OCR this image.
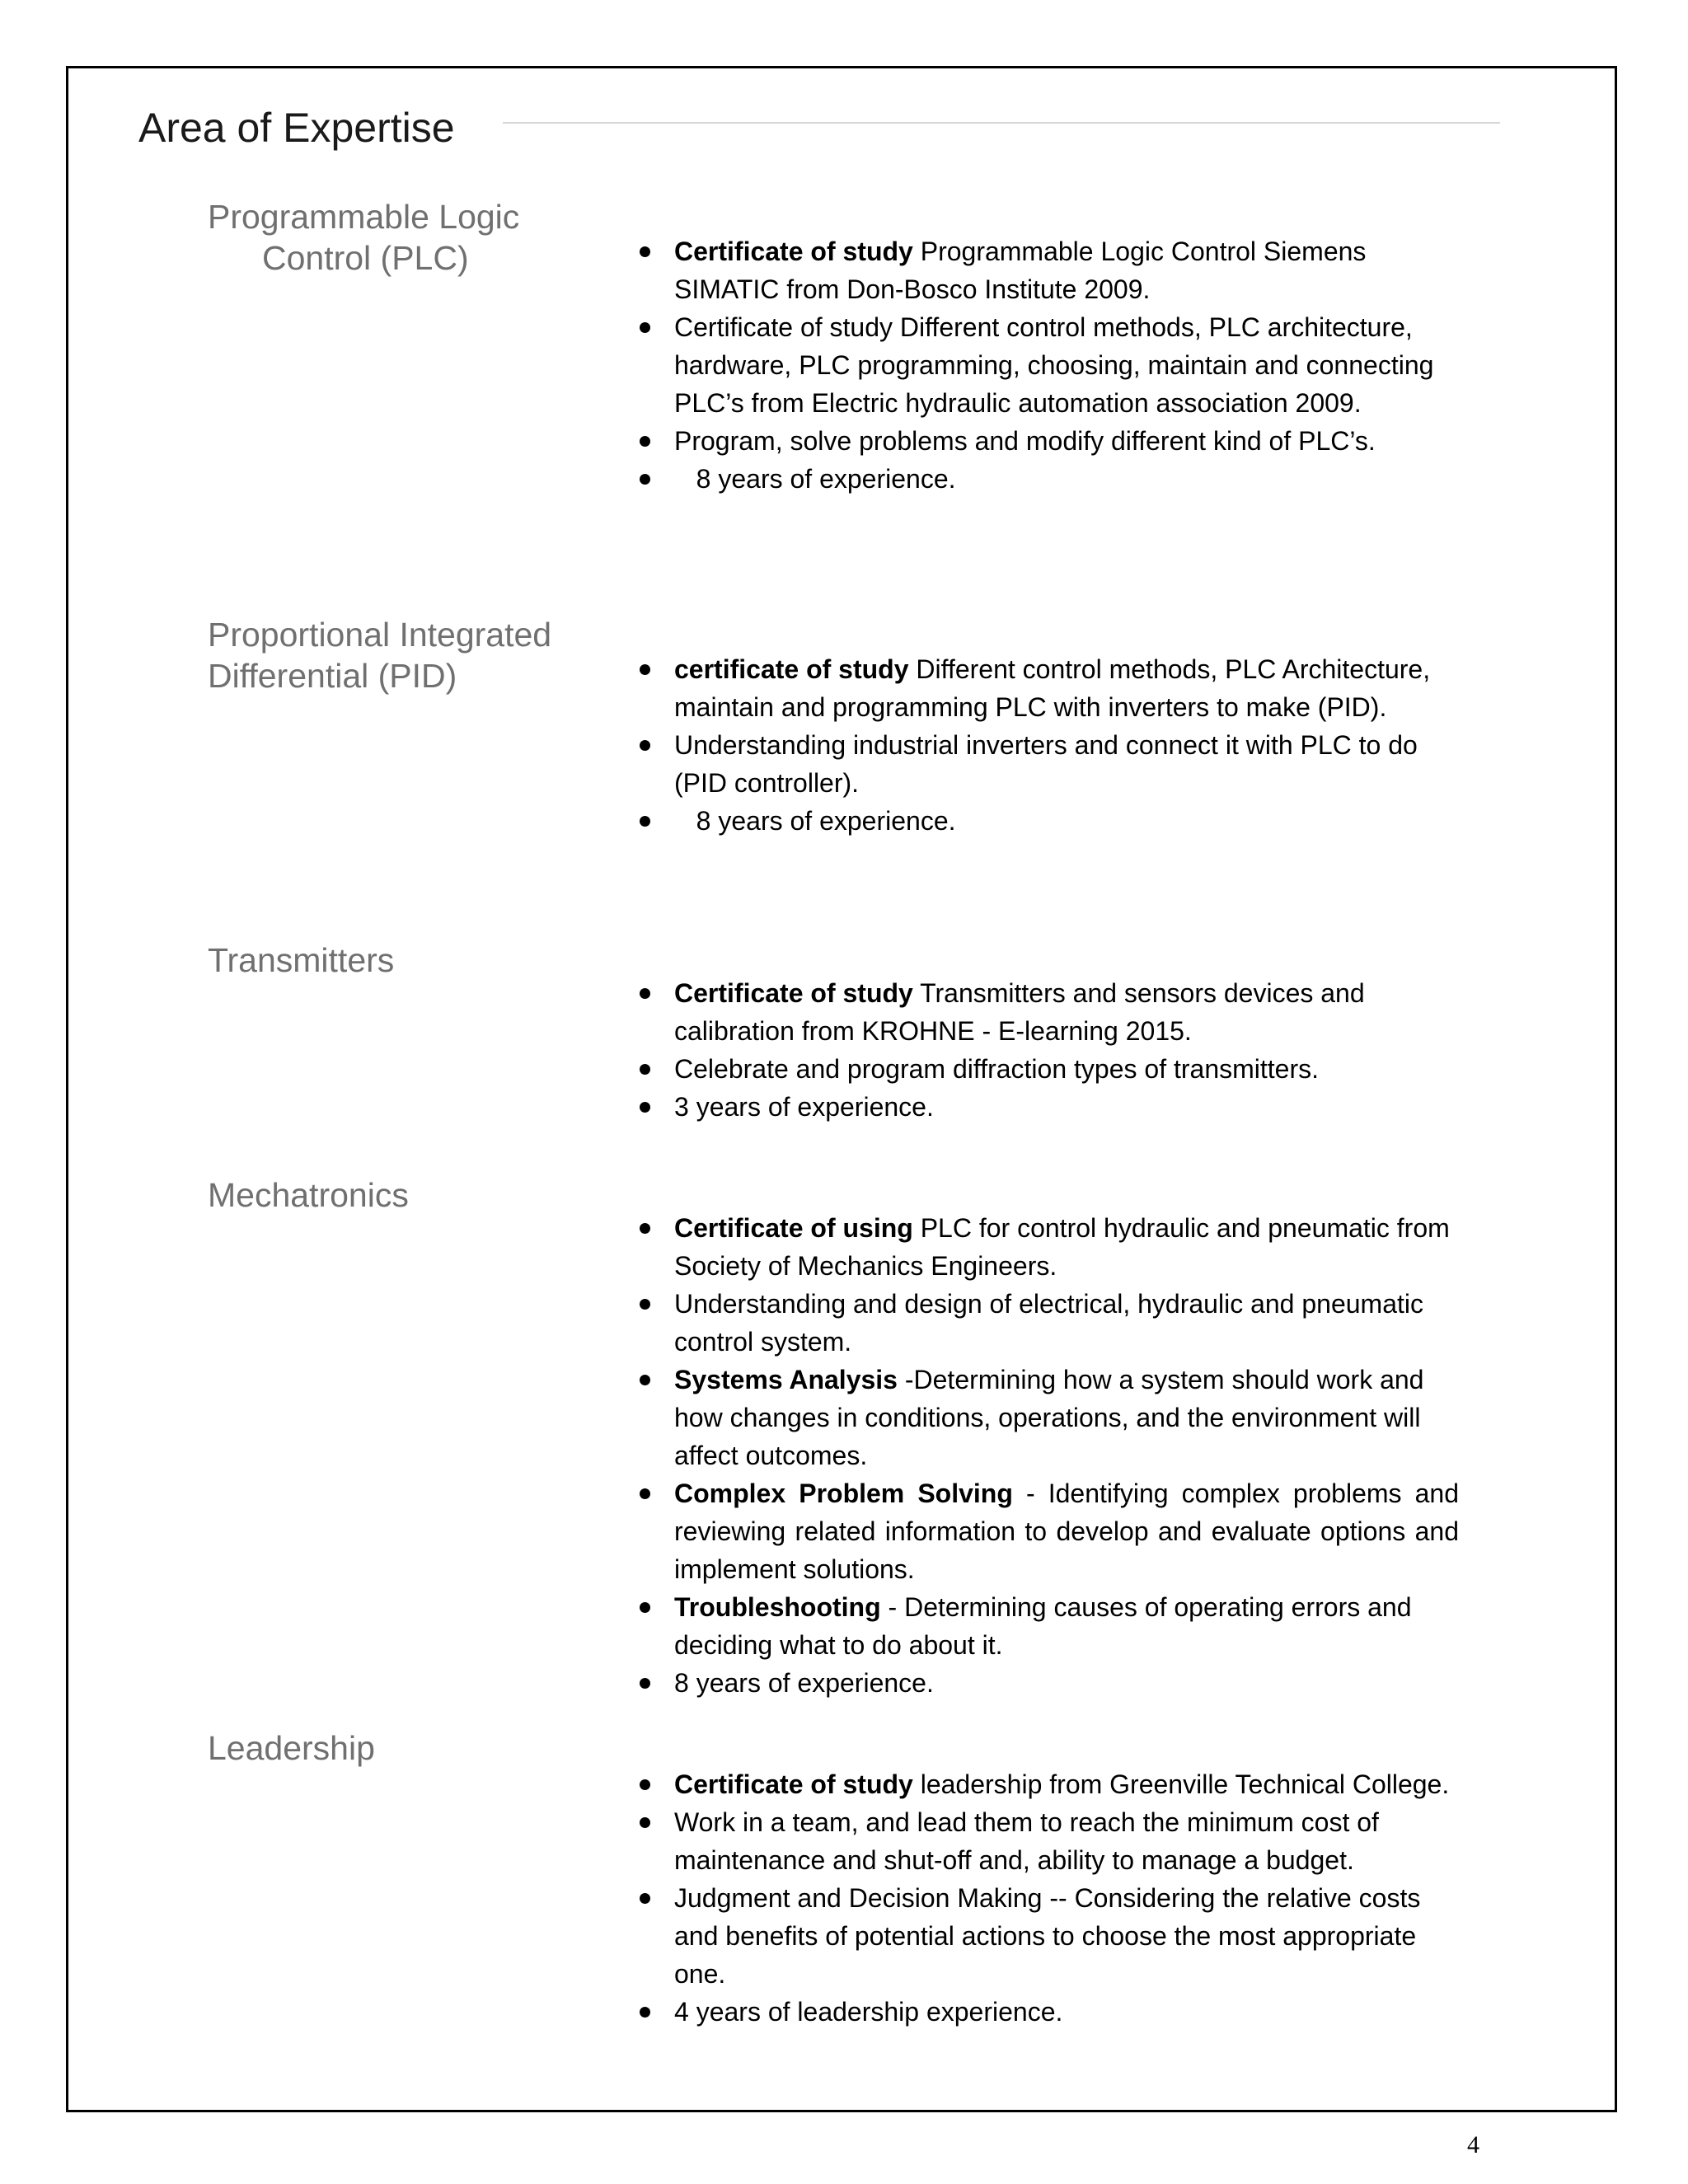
Area of Expertise
Programmable Logic
Control (PLC)	Certificate of study Programmable Logic Control Siemens SIMATIC from Don-Bosco Institute 2009.
Certificate of study Different control methods, PLC architecture, hardware, PLC programming, choosing, maintain and connecting PLC’s from Electric hydraulic automation association 2009.
Program, solve problems and modify different kind of PLC’s.
8 years of experience.
Proportional Integrated
Differential (PID)	certificate of study Different control methods, PLC Architecture, maintain and programming PLC with inverters to make (PID).
Understanding industrial inverters and connect it with PLC to do (PID controller).
8 years of experience.
Transmitters
Certificate of study Transmitters and sensors devices and calibration from KROHNE - E-learning 2015.
Celebrate and program diffraction types of transmitters.
3 years of experience.
Mechatronics
Certificate of using PLC for control hydraulic and pneumatic from Society of Mechanics Engineers.
Understanding and design of electrical, hydraulic and pneumatic control system.
Systems Analysis -Determining how a system should work and how changes in conditions, operations, and the environment will affect outcomes.
Complex Problem Solving - Identifying complex problems and reviewing related information to develop and evaluate options and implement solutions.
Troubleshooting - Determining causes of operating errors and deciding what to do about it.
8 years of experience.
Leadership
Certificate of study leadership from Greenville Technical College.
Work in a team, and lead them to reach the minimum cost of maintenance and shut-off and, ability to manage a budget.
Judgment and Decision Making -- Considering the relative costs and benefits of potential actions to choose the most appropriate one.
4 years of leadership experience.
4
